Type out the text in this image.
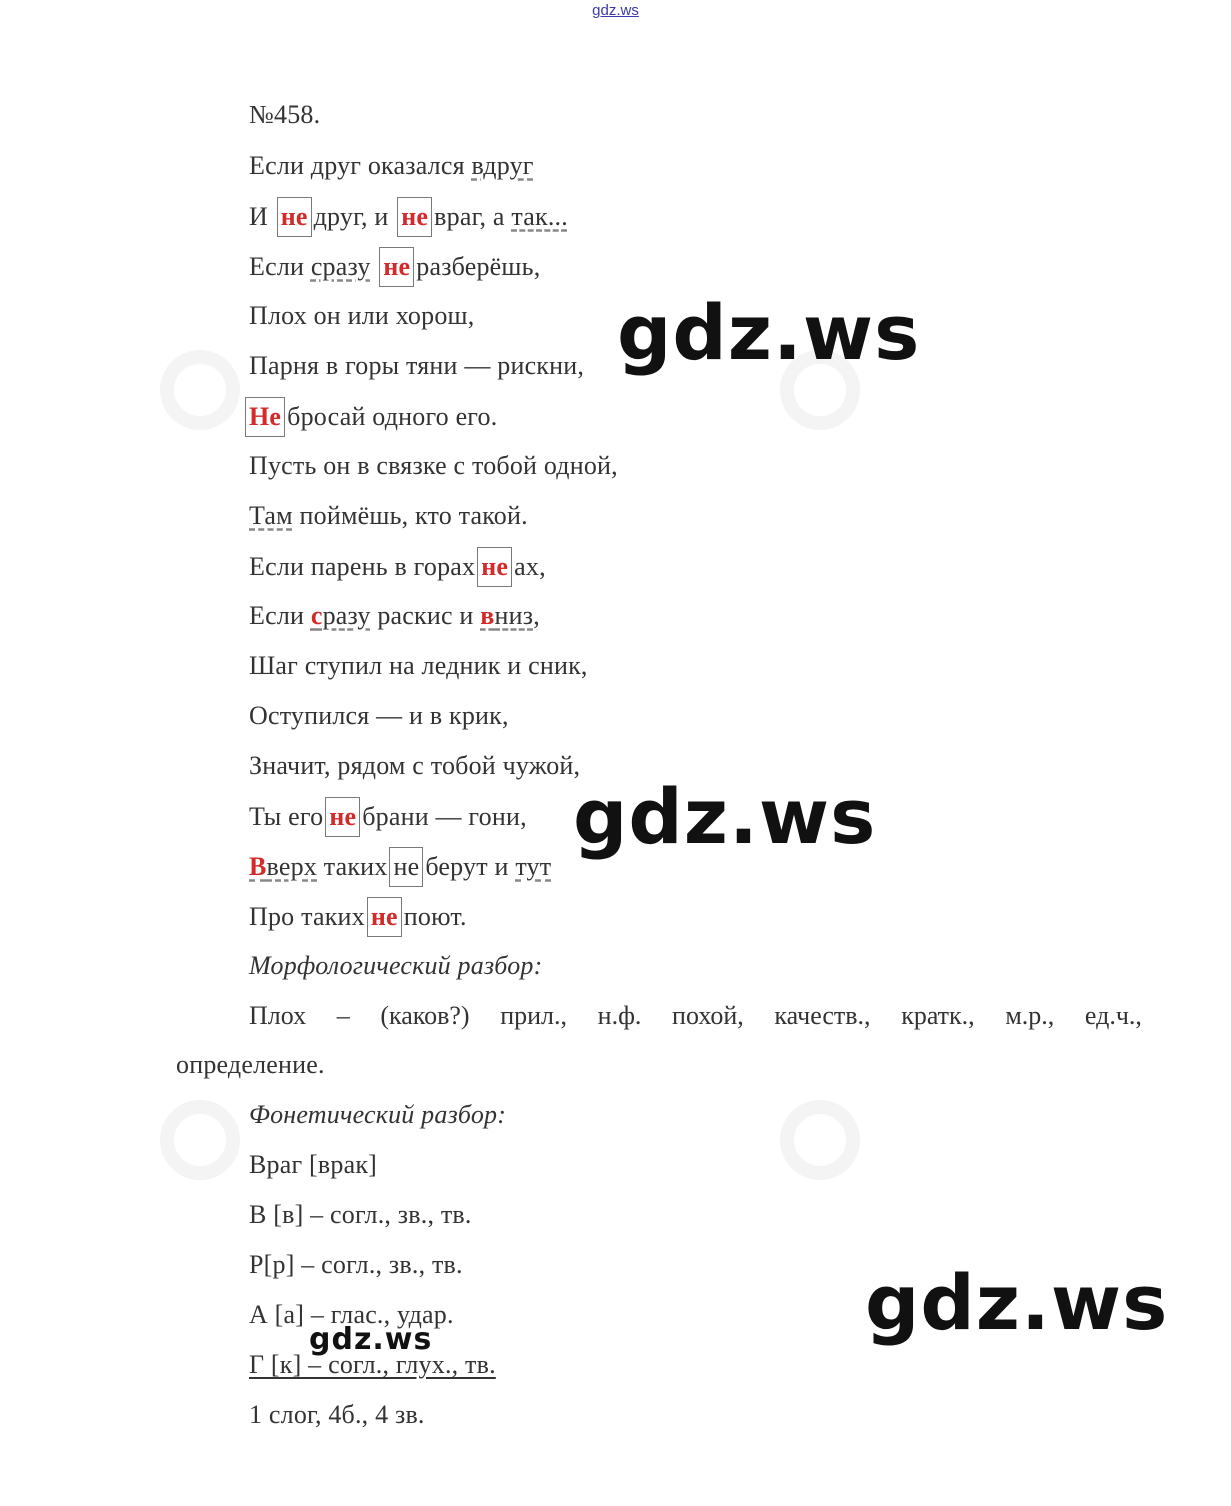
gdz.ws
№458.
Если друг оказался вдруг
И не друг, и не враг, а так...
Если сразу не разберёшь,
Плох он или хорош,
Парня в горы тяни — рискни,
Не бросай одного его.
Пусть он в связке с тобой одной,
Там поймёшь, кто такой.
Если парень в горах не ах,
Если сразу раскис и вниз,
Шаг ступил на ледник и сник,
Оступился — и в крик,
Значит, рядом с тобой чужой,
Ты его не брани — гони,
Вверх таких не берут и тут
Про таких не поют.
Морфологический разбор:
Плох – (каков?) прил., н.ф. похой, качеств., кратк., м.р., ед.ч.,
определение.
Фонетический разбор:
Враг [врак]
В [в] – согл., зв., тв.
Р[р] – согл., зв., тв.
А [а] – глас., удар.
Г [к] – согл., глух., тв.
1 слог, 4б., 4 зв.
gdz.ws
gdz.ws
gdz.ws
gdz.ws
